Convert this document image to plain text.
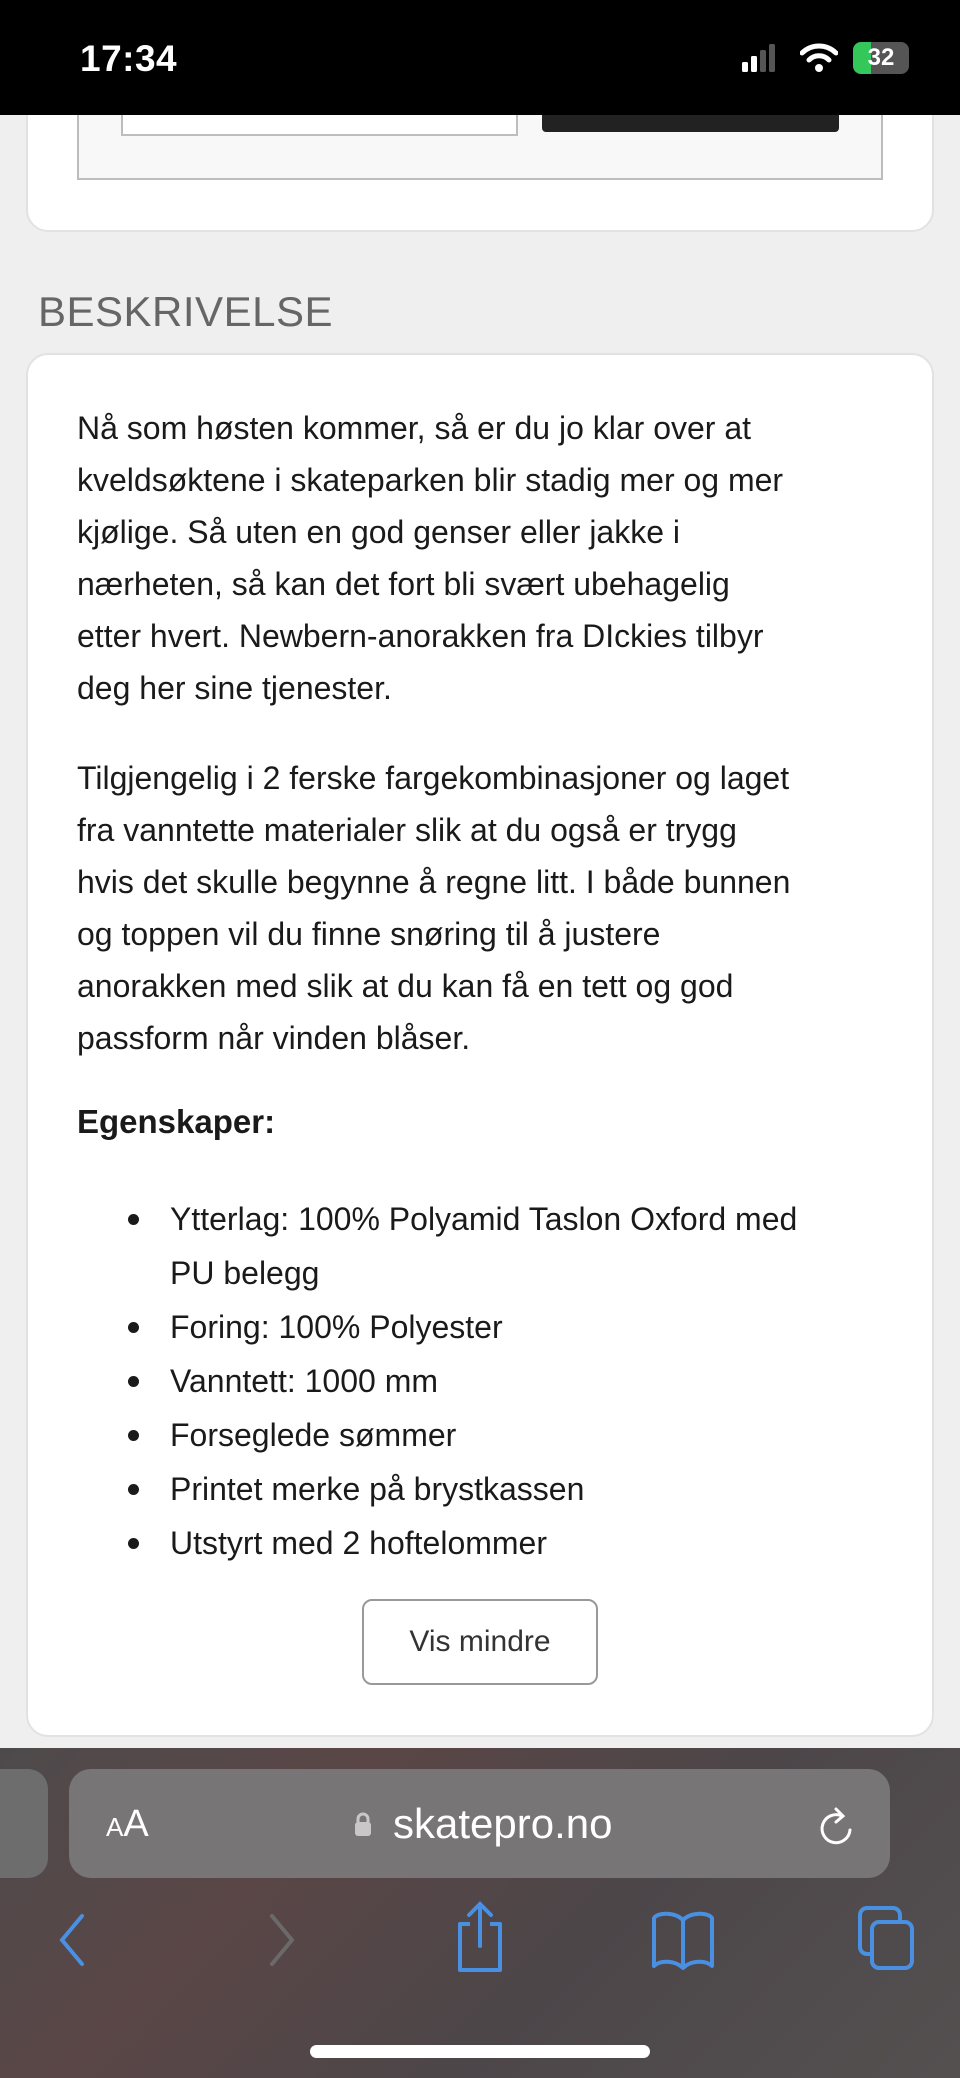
17:34	32
BESKRIVELSE
Nå som høsten kommer, så er du jo klar over at
kveldsøktene i skateparken blir stadig mer og mer
kjølige. Så uten en god genser eller jakke i
nærheten, så kan det fort bli svært ubehagelig
etter hvert. Newbern-anorakken fra DIckies tilbyr
deg her sine tjenester.
Tilgjengelig i 2 ferske fargekombinasjoner og laget
fra vanntette materialer slik at du også er trygg
hvis det skulle begynne å regne litt. I både bunnen
og toppen vil du finne snøring til å justere
anorakken med slik at du kan få en tett og god
passform når vinden blåser.
Egenskaper:
Ytterlag: 100% Polyamid Taslon Oxford med
PU belegg
Foring: 100% Polyester
Vanntett: 1000 mm
Forseglede sømmer
Printet merke på brystkassen
Utstyrt med 2 hoftelommer
Vis mindre
AA	skatepro.no
